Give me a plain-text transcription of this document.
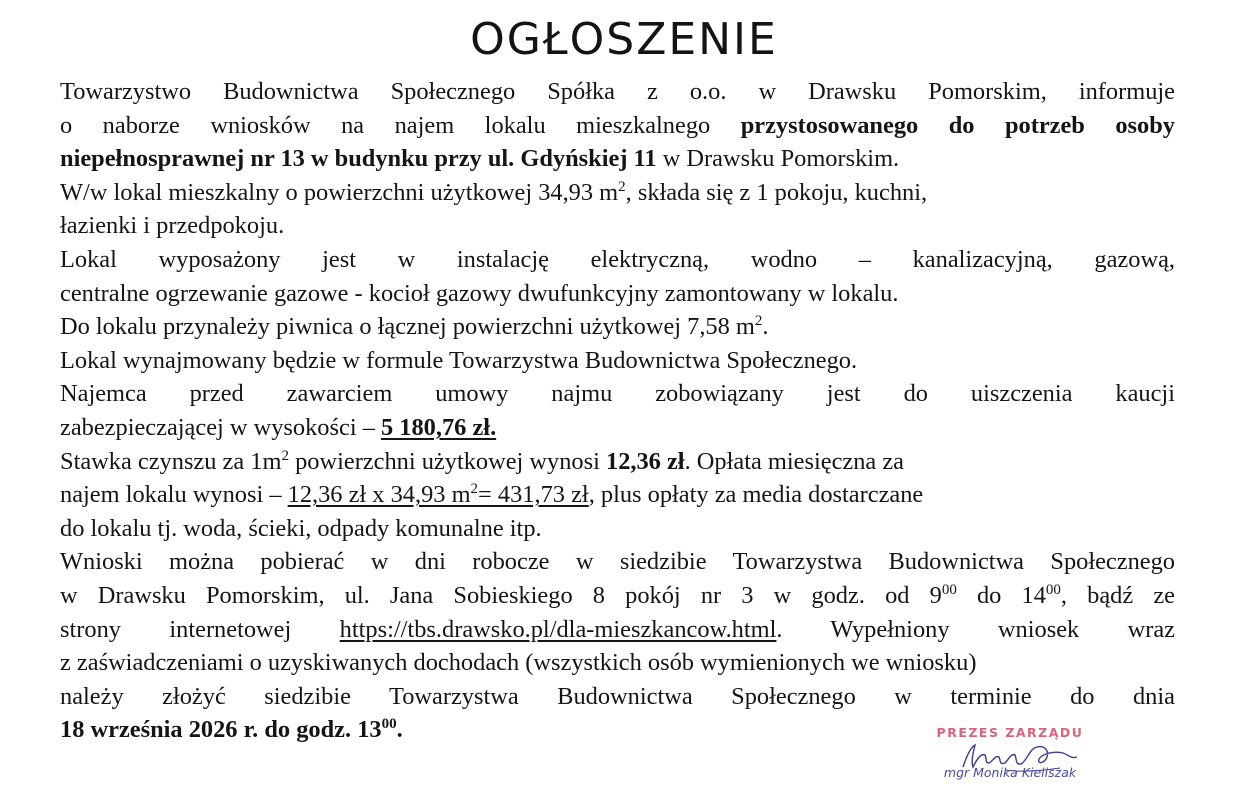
OGŁOSZENIE
Towarzystwo Budownictwa Społecznego Spółka z o.o. w Drawsku Pomorskim, informuje
o naborze wniosków na najem lokalu mieszkalnego przystosowanego do potrzeb osoby
niepełnosprawnej nr 13 w budynku przy ul. Gdyńskiej 11 w Drawsku Pomorskim.
W/w lokal mieszkalny o powierzchni użytkowej 34,93 $m^2$, składa się z 1 pokoju, kuchni,
łazienki i przedpokoju.
Lokal wyposażony jest w instalację elektryczną, wodno – kanalizacyjną, gazową,
centralne ogrzewanie gazowe - kocioł gazowy dwufunkcyjny zamontowany w lokalu.
Do lokalu przynależy piwnica o łącznej powierzchni użytkowej 7,58 $m^2$.
Lokal wynajmowany będzie w formule Towarzystwa Budownictwa Społecznego.
Najemca przed zawarciem umowy najmu zobowiązany jest do uiszczenia kaucji
zabezpieczającej w wysokości – 5 180,76 zł.
Stawka czynszu za $1m^2$ powierzchni użytkowej wynosi 12,36 zł. Opłata miesięczna za
najem lokalu wynosi – 12,36 zł x 34,93 $m^2= 431,73$ zł, plus opłaty za media dostarczane
do lokalu tj. woda, ścieki, odpady komunalne itp.
Wnioski można pobierać w dni robocze w siedzibie Towarzystwa Budownictwa Społecznego
w Drawsku Pomorskim, ul. Jana Sobieskiego 8 pokój nr 3 w godz. od $9^{00}$ do $14^{00}$, bądź ze
strony internetowej https://tbs.drawsko.pl/dla-mieszkancow.html. Wypełniony wniosek wraz
z zaświadczeniami o uzyskiwanych dochodach (wszystkich osób wymienionych we wniosku)
należy złożyć siedzibie Towarzystwa Budownictwa Społecznego w terminie do dnia
18 września 2026 r. do godz. $13^{00}$.	PREZES ZARZĄDU
mgr Monika Kieliszak
